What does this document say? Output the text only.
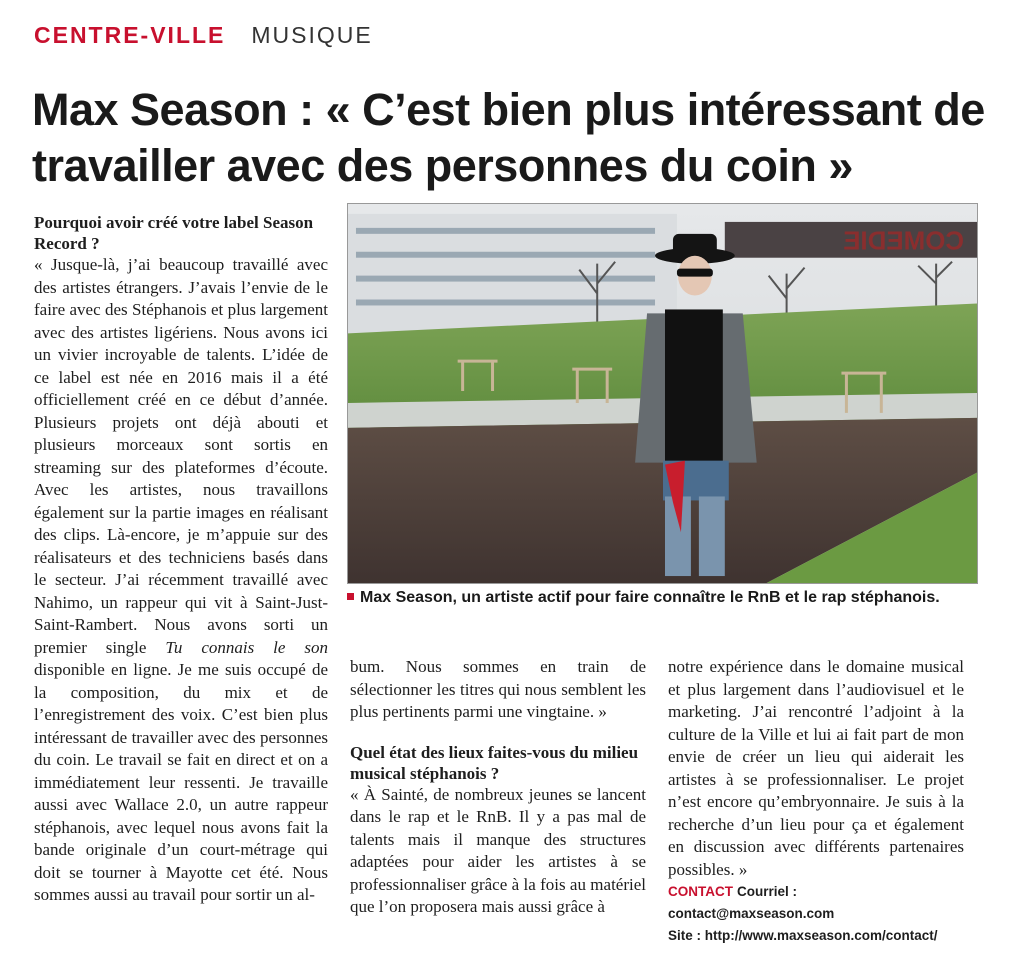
CENTRE-VILLE MUSIQUE
Max Season : « C’est bien plus intéressant de travailler avec des personnes du coin »

Pourquoi avoir créé votre label Season Record ?

« Jusque-là, j’ai beaucoup travaillé avec des artistes étrangers. J’avais l’envie de le faire avec des Stéphanois et plus largement avec des artistes ligériens. Nous avons ici un vivier incroyable de talents. L’idée de ce label est née en 2016 mais il a été officiellement créé en ce début d’année. Plusieurs projets ont déjà abouti et plusieurs morceaux sont sortis en streaming sur des plateformes d’écoute. Avec les artistes, nous travaillons également sur la partie images en réalisant des clips. Là-encore, je m’appuie sur des réalisateurs et des techniciens basés dans le secteur. J’ai récemment travaillé avec Nahimo, un rappeur qui vit à Saint-Just-Saint-Rambert. Nous avons sorti un premier single Tu connais le son disponible en ligne. Je me suis occupé de la composition, du mix et de l’enregistrement des voix. C’est bien plus intéressant de travailler avec des personnes du coin. Le travail se fait en direct et on a immédiatement leur ressenti. Je travaille aussi avec Wallace 2.0, un autre rappeur stéphanois, avec lequel nous avons fait la bande originale d’un court-métrage qui doit se tourner à Mayotte cet été. Nous sommes aussi au travail pour sortir un al-

COMEDIE
Max Season, un artiste actif pour faire connaître le RnB et le rap stéphanois.

bum. Nous sommes en train de sélectionner les titres qui nous semblent les plus pertinents parmi une vingtaine. »

Quel état des lieux faites-vous du milieu musical stéphanois ?

« À Sainté, de nombreux jeunes se lancent dans le rap et le RnB. Il y a pas mal de talents mais il manque des structures adaptées pour aider les artistes à se professionnaliser grâce à la fois au matériel que l’on proposera mais aussi grâce à

notre expérience dans le domaine musical et plus largement dans l’audiovisuel et le marketing. J’ai rencontré l’adjoint à la culture de la Ville et lui ai fait part de mon envie de créer un lieu qui aiderait les artistes à se professionnaliser. Le projet n’est encore qu’embryonnaire. Je suis à la recherche d’un lieu pour ça et également en discussion avec différents partenaires possibles. »

CONTACT Courriel : contact@maxseason.com
Site : http://www.maxseason.com/contact/
